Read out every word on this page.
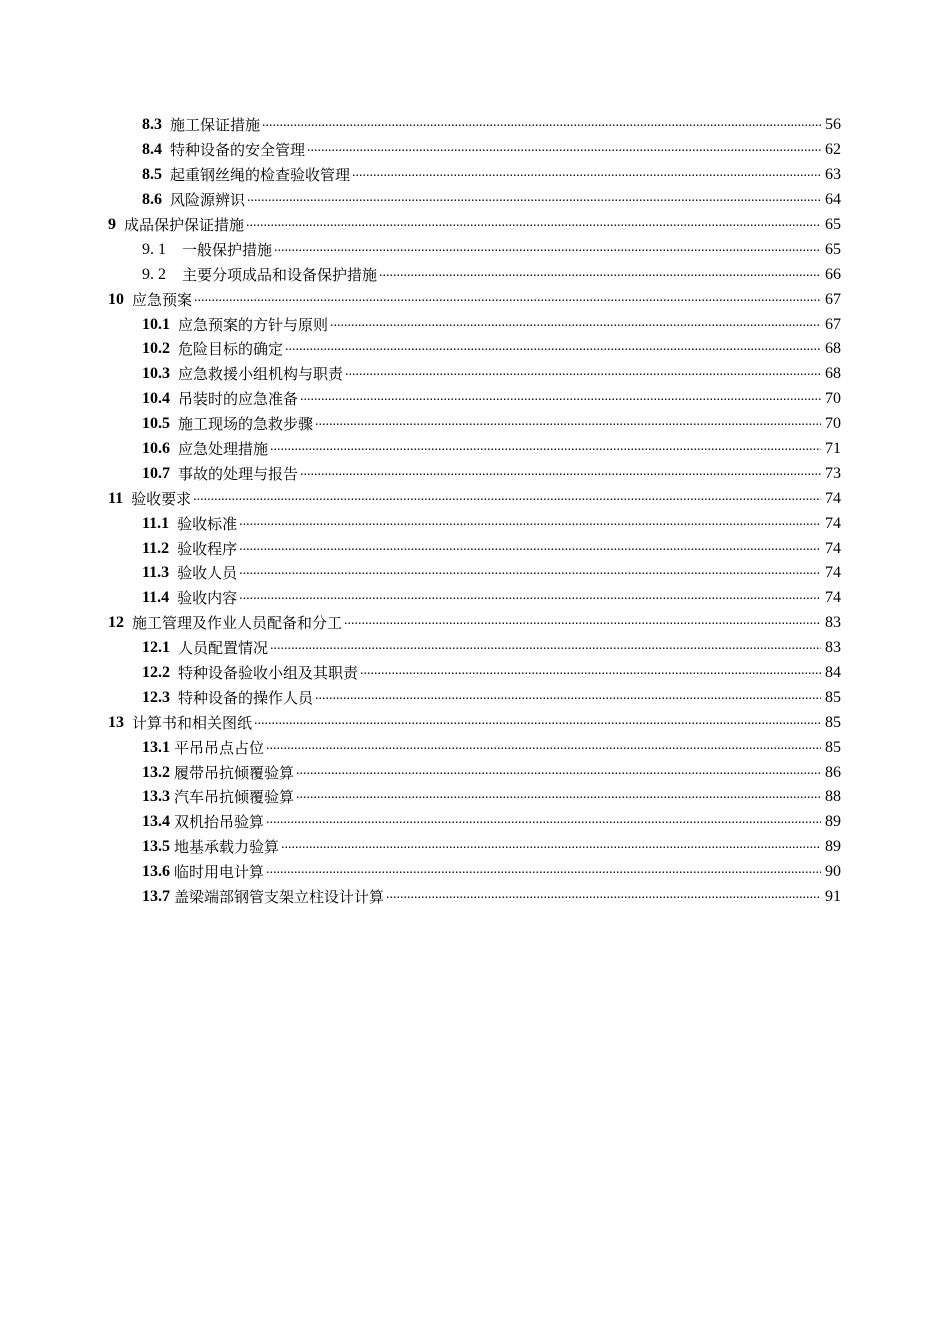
8.3 施工保证措施 .....	56
8.4 特种设备的安全管理 .....	62
8.5 起重钢丝绳的检查验收管理 .....	63
8.6 风险源辨识 .....	64
9 成品保护保证措施 .....	65
9. 1 一般保护措施 .....	65
9. 2 主要分项成品和设备保护措施 .....	66
10 应急预案 .....	67
10.1 应急预案的方针与原则 .....	67
10.2 危险目标的确定 .....	68
10.3 应急救援小组机构与职责 .....	68
10.4 吊装时的应急准备 .....	70
10.5 施工现场的急救步骤 .....	70
10.6 应急处理措施 .....	71
10.7 事故的处理与报告 .....	73
11 验收要求 .....	74
11.1 验收标准 .....	74
11.2 验收程序 .....	74
11.3 验收人员 .....	74
11.4 验收内容 .....	74
12 施工管理及作业人员配备和分工 .....	83
12.1 人员配置情况 .....	83
12.2 特种设备验收小组及其职责 .....	84
12.3 特种设备的操作人员 .....	85
13 计算书和相关图纸 .....	85
13.1 平吊吊点占位 .....	85
13.2 履带吊抗倾覆验算 .....	86
13.3 汽车吊抗倾覆验算 .....	88
13.4 双机抬吊验算 .....	89
13.5 地基承载力验算 .....	89
13.6 临时用电计算 .....	90
13.7 盖梁端部钢管支架立柱设计计算 .....	91
